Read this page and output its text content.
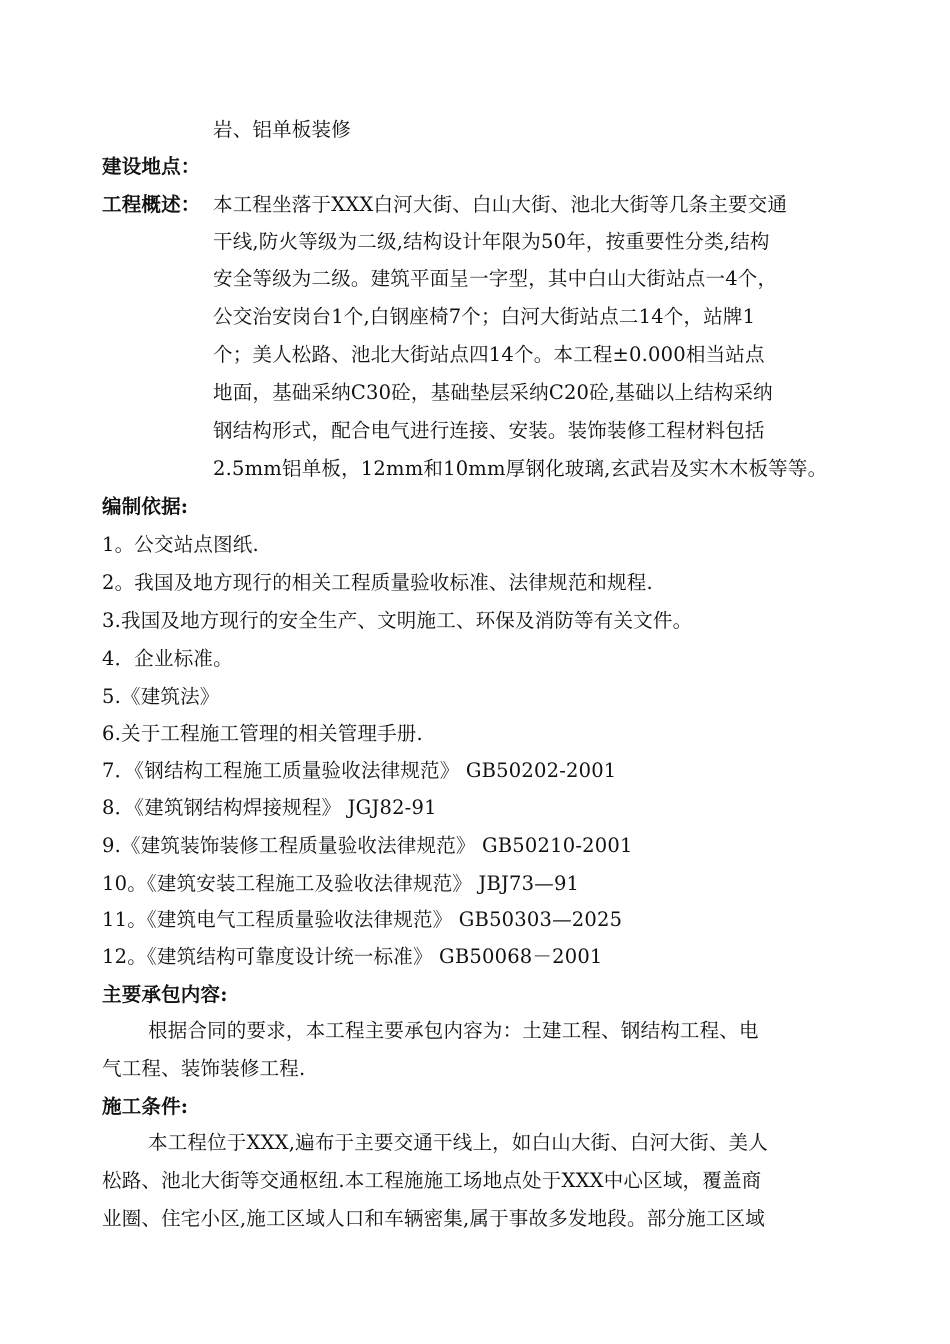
岩、铝单板装修
建设地点：
工程概述： 本工程坐落于XXX白河大街、白山大街、池北大街等几条主要交通
干线,防火等级为二级,结构设计年限为50年，按重要性分类,结构
安全等级为二级。建筑平面呈一字型，其中白山大街站点一4个，
公交治安岗台1个,白钢座椅7个；白河大街站点二14个，站牌1
个；美人松路、池北大街站点四14个。本工程±0.000相当站点
地面，基础采纳C30砼，基础垫层采纳C20砼,基础以上结构采纳
钢结构形式，配合电气进行连接、安装。装饰装修工程材料包括
2.5mm铝单板，12mm和10mm厚钢化玻璃,玄武岩及实木木板等等。
编制依据:
1。公交站点图纸.
2。我国及地方现行的相关工程质量验收标准、法律规范和规程.
3.我国及地方现行的安全生产、文明施工、环保及消防等有关文件。
4．企业标准。
5.《建筑法》
6.关于工程施工管理的相关管理手册.
7．《钢结构工程施工质量验收法律规范》 GB50202-2001
8．《建筑钢结构焊接规程》 JGJ82-91
9.《建筑装饰装修工程质量验收法律规范》 GB50210-2001
10。《建筑安装工程施工及验收法律规范》 JBJ73—91
11。《建筑电气工程质量验收法律规范》 GB50303—2025
12。《建筑结构可靠度设计统一标准》 GB50068－2001
主要承包内容:
根据合同的要求，本工程主要承包内容为：土建工程、钢结构工程、电
气工程、装饰装修工程.
施工条件:
本工程位于XXX,遍布于主要交通干线上，如白山大街、白河大街、美人
松路、池北大街等交通枢纽.本工程施施工场地点处于XXX中心区域，覆盖商
业圈、住宅小区,施工区域人口和车辆密集,属于事故多发地段。部分施工区域
